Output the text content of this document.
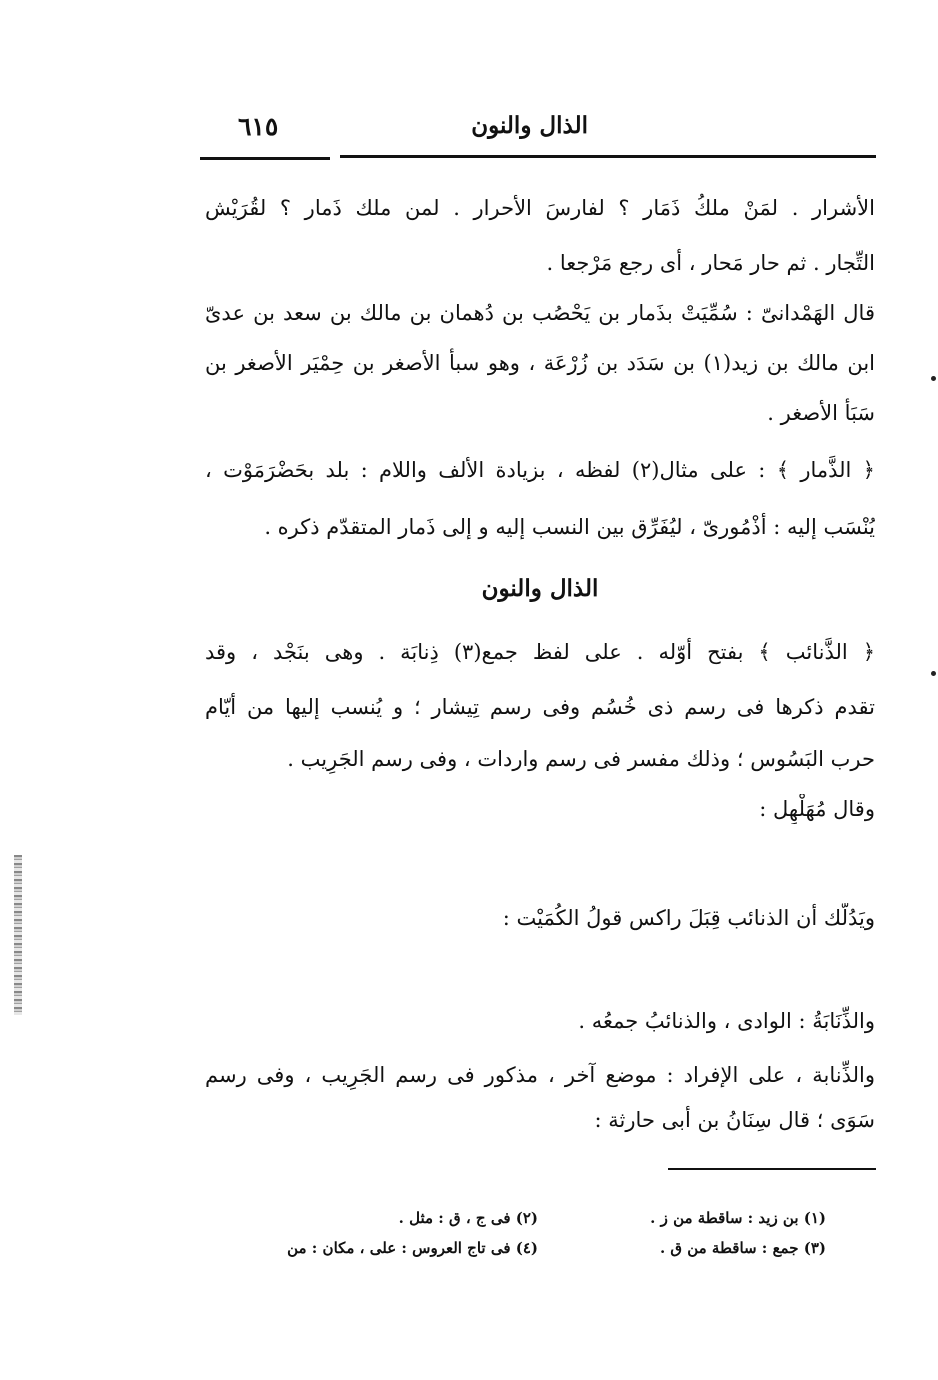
الذال والنون
٦١٥
الأشرار . لمَنْ ملكُ ذَمَار ؟ لفارسَ الأحرار . لمن ملك ذَمار ؟ لقُرَيْش
التِّجار . ثم حار مَحار ، أى رجع مَرْجعا .
قال الهَمْدانىّ : سُمِّيَتْ بذَمار بن يَحْصُب بن دُهمان بن مالك بن سعد بن عدىّ
ابن مالك بن زيد(١) بن سَدَد بن زُرْعَة ، وهو سبأ الأصغر بن حِمْيَر الأصغر بن
سَبَأ الأصغر .
﴿ الذَّمار ﴾ : على مثال(٢) لفظه ، بزيادة الألف واللام : بلد بحَضْرَمَوْت ،
يُنْسَب إليه : أذْمُورىّ ، ليُفَرِّق بين النسب إليه و إلى ذَمار المتقدّم ذكره .
الذال والنون
﴿ الذَّنائب ﴾ بفتح أوّله . على لفظ جمع(٣) ذِنابَة . وهى بنَجْد ، وقد
تقدم ذكرها فى رسم ذى خُسُم وفى رسم تِيشار ؛ و يُنسب إليها من أيّام
حرب البَسُوس ؛ وذلك مفسر فى رسم واردات ، وفى رسم الجَرِيب .
وقال مُهَلْهِل :
ويَدُلُّك أن الذنائب قِبَلَ راكس قولُ الكُمَيْت :
والذِّنَابَةُ : الوادى ، والذنائبُ جمعُه .
والذِّنابة ، على الإفراد : موضع آخر ، مذكور فى رسم الجَرِيب ، وفى رسم
سَوَى ؛ قال سِنَانُ بن أبى حارثة :
(١) بن زيد : ساقطة من ز .
(٢) فى ج ، ق : مثل .
(٣) جمع : ساقطة من ق .
(٤) فى تاج العروس : على ، مكان : من
